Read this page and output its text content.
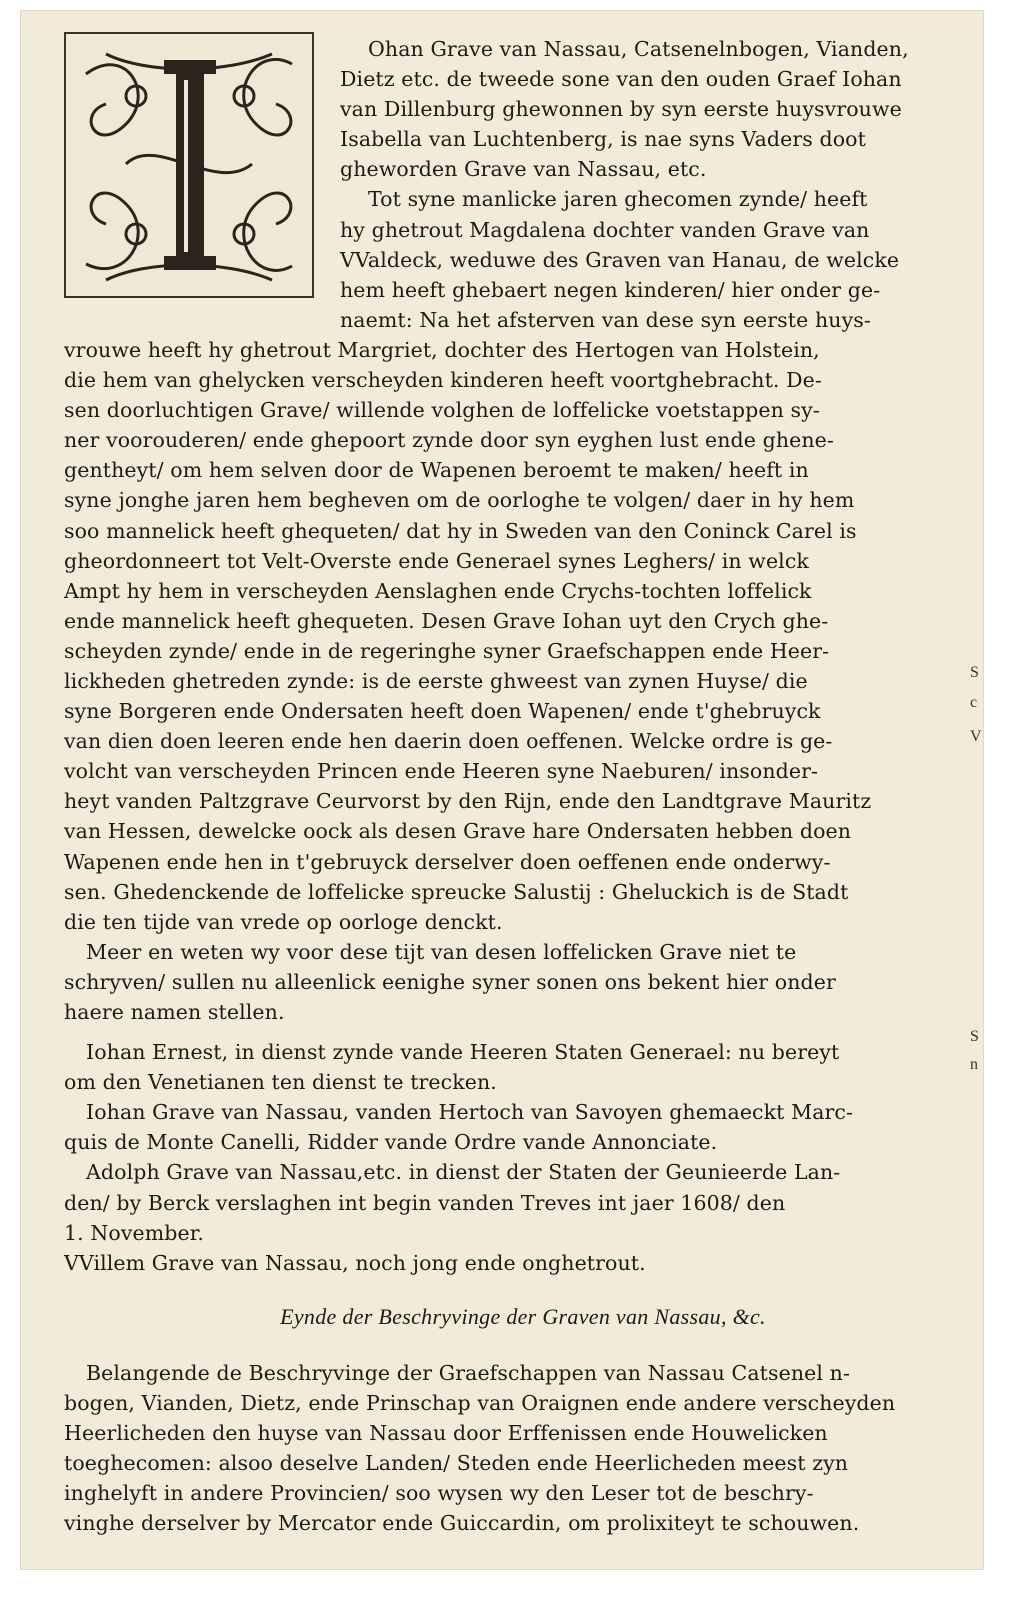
Ohan Grave van Nassau, Catsenelnbogen, Vianden,
Dietz etc. de tweede sone van den ouden Graef Iohan
van Dillenburg ghewonnen by syn eerste huysvrouwe
Isabella van Luchtenberg, is nae syns Vaders doot
gheworden Grave van Nassau, etc.
Tot syne manlicke jaren ghecomen zynde/ heeft
hy ghetrout Magdalena dochter vanden Grave van
VValdeck, weduwe des Graven van Hanau, de welcke
hem heeft ghebaert negen kinderen/ hier onder ge-
naemt: Na het afsterven van dese syn eerste huys-
vrouwe heeft hy ghetrout Margriet, dochter des Hertogen van Holstein,
die hem van ghelycken verscheyden kinderen heeft voortghebracht. De-
sen doorluchtigen Grave/ willende volghen de loffelicke voetstappen sy-
ner voorouderen/ ende ghepoort zynde door syn eyghen lust ende ghene-
gentheyt/ om hem selven door de Wapenen beroemt te maken/ heeft in
syne jonghe jaren hem begheven om de oorloghe te volgen/ daer in hy hem
soo mannelick heeft ghequeten/ dat hy in Sweden van den Coninck Carel is
gheordonneert tot Velt-Overste ende Generael synes Leghers/ in welck
Ampt hy hem in verscheyden Aenslaghen ende Crychs-tochten loffelick
ende mannelick heeft ghequeten. Desen Grave Iohan uyt den Crych ghe-
scheyden zynde/ ende in de regeringhe syner Graefschappen ende Heer-
lickheden ghetreden zynde: is de eerste ghweest van zynen Huyse/ die
syne Borgeren ende Ondersaten heeft doen Wapenen/ ende t'ghebruyck
van dien doen leeren ende hen daerin doen oeffenen. Welcke ordre is ge-
volcht van verscheyden Princen ende Heeren syne Naeburen/ insonder-
heyt vanden Paltzgrave Ceurvorst by den Rijn, ende den Landtgrave Mauritz
van Hessen, dewelcke oock als desen Grave hare Ondersaten hebben doen
Wapenen ende hen in t'gebruyck derselver doen oeffenen ende onderwy-
sen. Ghedenckende de loffelicke spreucke Salustij : Gheluckich is de Stadt
die ten tijde van vrede op oorloge denckt.
Meer en weten wy voor dese tijt van desen loffelicken Grave niet te
schryven/ sullen nu alleenlick eenighe syner sonen ons bekent hier onder
haere namen stellen.
Iohan Ernest, in dienst zynde vande Heeren Staten Generael: nu bereyt
om den Venetianen ten dienst te trecken.
Iohan Grave van Nassau, vanden Hertoch van Savoyen ghemaeckt Marc-
quis de Monte Canelli, Ridder vande Ordre vande Annonciate.
Adolph Grave van Nassau,etc. in dienst der Staten der Geunieerde Lan-
den/ by Berck verslaghen int begin vanden Treves int jaer 1608/ den
1. November.
VVillem Grave van Nassau, noch jong ende onghetrout.
Eynde der Beschryvinge der Graven van Nassau, &c.
Belangende de Beschryvinge der Graefschappen van Nassau Catsenel n-
bogen, Vianden, Dietz, ende Prinschap van Oraignen ende andere verscheyden
Heerlicheden den huyse van Nassau door Erffenissen ende Houwelicken
toeghecomen: alsoo deselve Landen/ Steden ende Heerlicheden meest zyn
inghelyft in andere Provincien/ soo wysen wy den Leser tot de beschry-
vinghe derselver by Mercator ende Guiccardin, om prolixiteyt te schouwen.
S
c
V
S
n
